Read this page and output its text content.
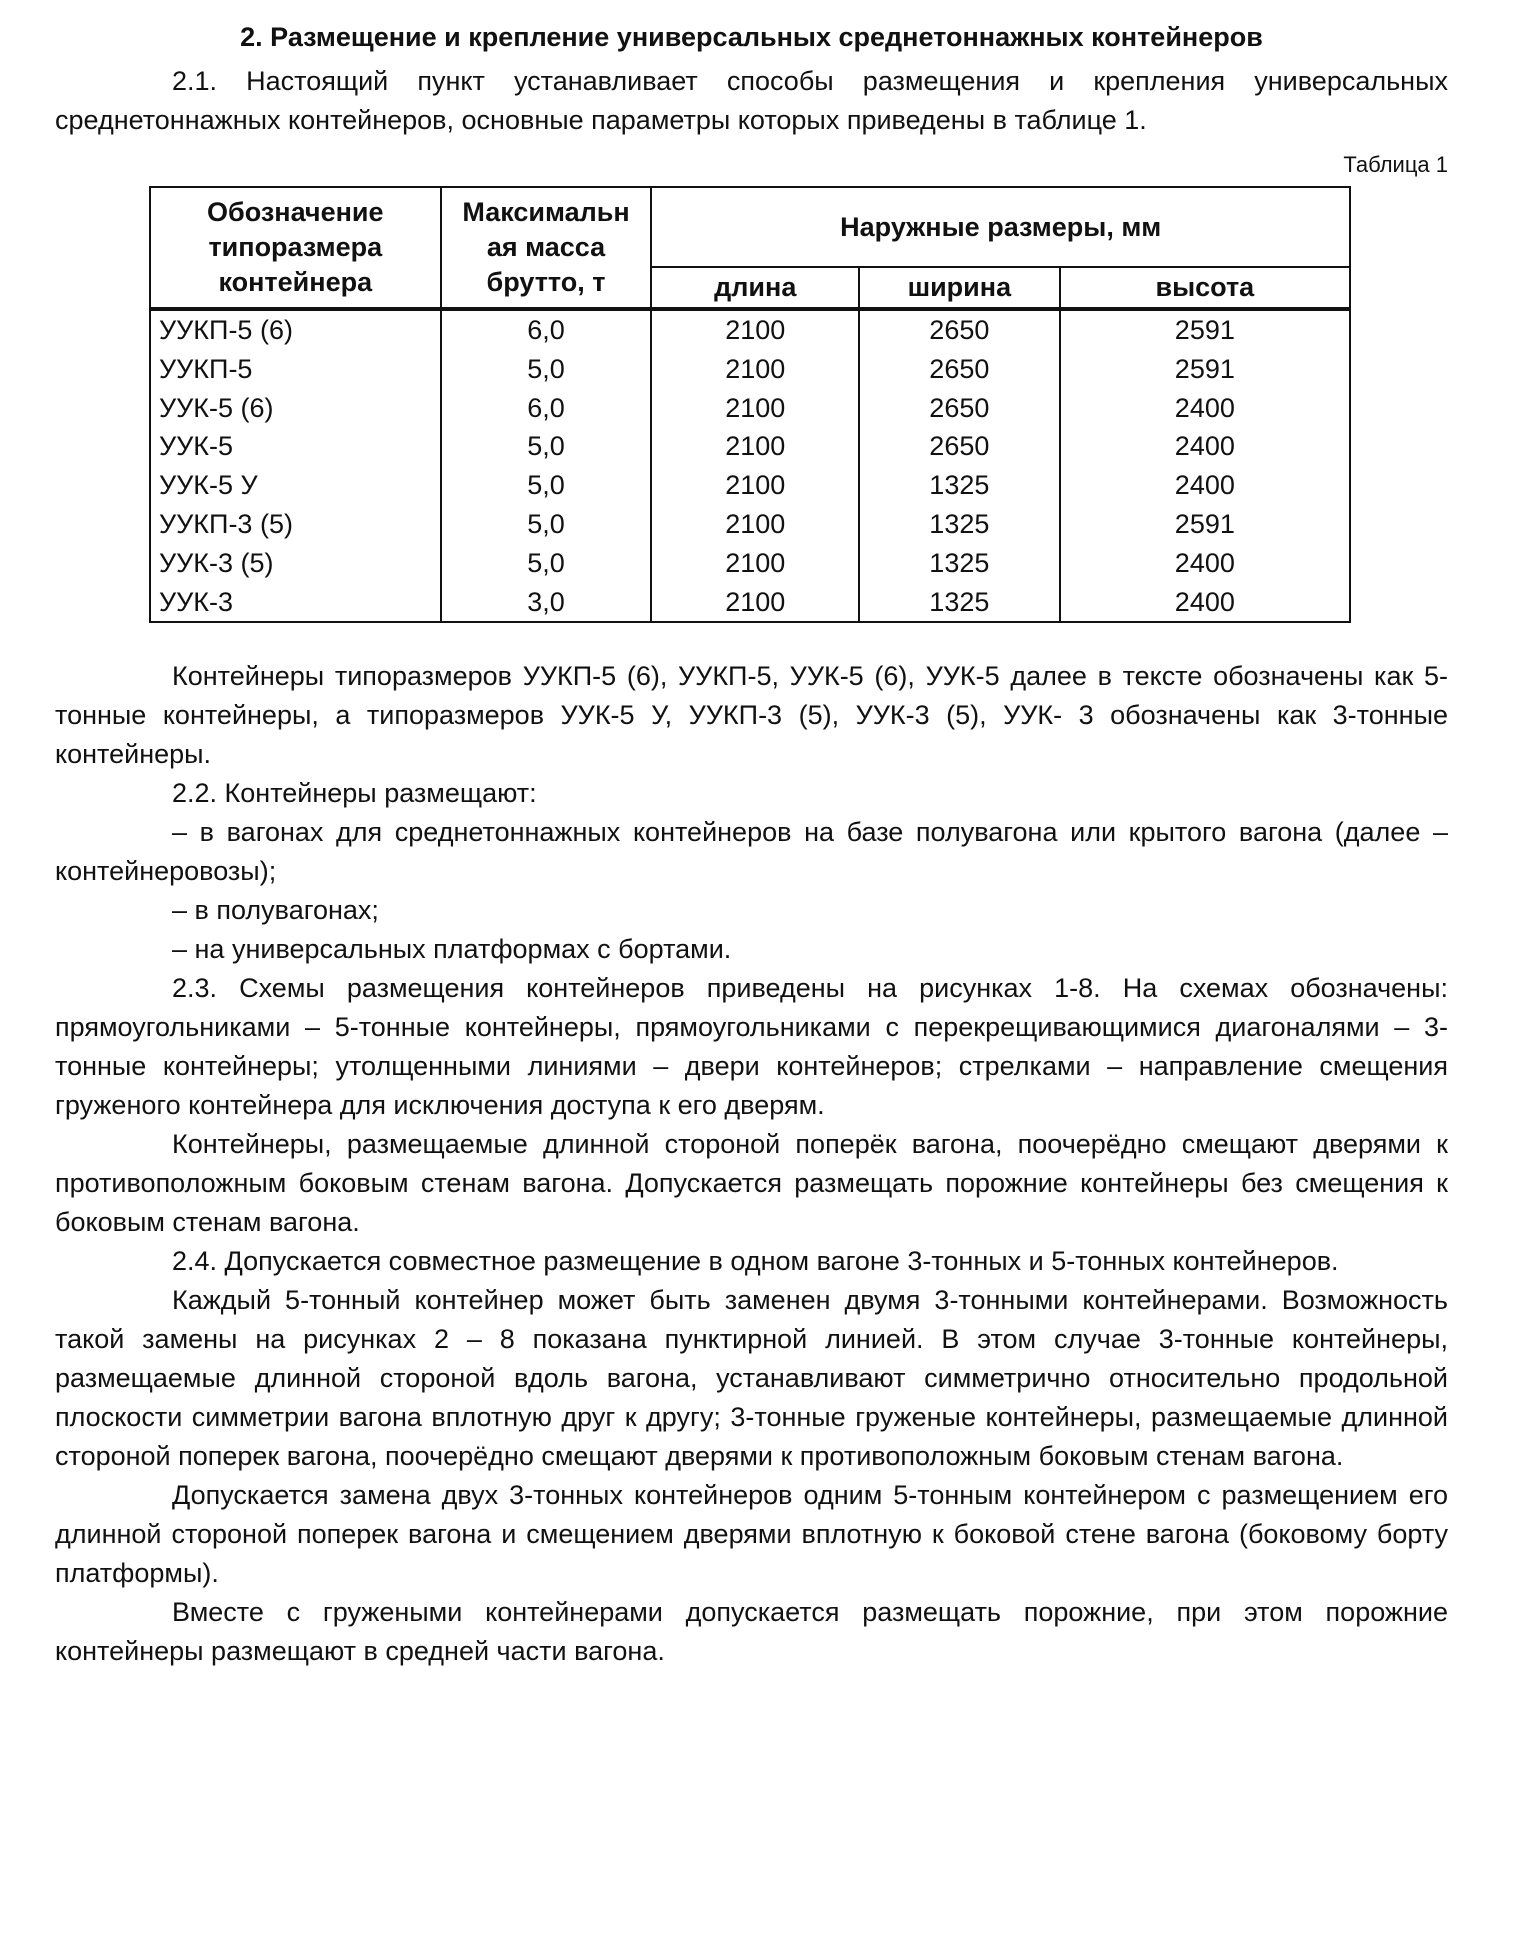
2. Размещение и крепление универсальных среднетоннажных контейнеров

2.1. Настоящий пункт устанавливает способы размещения и крепления универсальных среднетоннажных контейнеров, основные параметры которых приведены в таблице 1.

Таблица 1
Обозначение типоразмера контейнера	Максимальн ая масса брутто, т	Наружные размеры, мм		
		длина	ширина	высота
УУКП-5 (6)	6,0	2100	2650	2591
УУКП-5	5,0	2100	2650	2591
УУК-5 (6)	6,0	2100	2650	2400
УУК-5	5,0	2100	2650	2400
УУК-5 У	5,0	2100	1325	2400
УУКП-3 (5)	5,0	2100	1325	2591
УУК-3 (5)	5,0	2100	1325	2400
УУК-3	3,0	2100	1325	2400

Контейнеры типоразмеров УУКП-5 (6), УУКП-5, УУК-5 (6), УУК-5 далее в тексте обозначены как 5-тонные контейнеры, а типоразмеров УУК-5 У, УУКП-3 (5), УУК-3 (5), УУК- 3 обозначены как 3-тонные контейнеры.

2.2. Контейнеры размещают:

– в вагонах для среднетоннажных контейнеров на базе полувагона или крытого вагона (далее – контейнеровозы);

– в полувагонах;

– на универсальных платформах с бортами.

2.3. Схемы размещения контейнеров приведены на рисунках 1-8. На схемах обозначены: прямоугольниками – 5-тонные контейнеры, прямоугольниками с перекрещивающимися диагоналями – 3-тонные контейнеры; утолщенными линиями – двери контейнеров; стрелками – направление смещения груженого контейнера для исключения доступа к его дверям.

Контейнеры, размещаемые длинной стороной поперёк вагона, поочерёдно смещают дверями к противоположным боковым стенам вагона. Допускается размещать порожние контейнеры без смещения к боковым стенам вагона.

2.4. Допускается совместное размещение в одном вагоне 3-тонных и 5-тонных контейнеров.

Каждый 5-тонный контейнер может быть заменен двумя 3-тонными контейнерами. Возможность такой замены на рисунках 2 – 8 показана пунктирной линией. В этом случае 3-тонные контейнеры, размещаемые длинной стороной вдоль вагона, устанавливают симметрично относительно продольной плоскости симметрии вагона вплотную друг к другу; 3-тонные груженые контейнеры, размещаемые длинной стороной поперек вагона, поочерёдно смещают дверями к противоположным боковым стенам вагона.

Допускается замена двух 3-тонных контейнеров одним 5-тонным контейнером с размещением его длинной стороной поперек вагона и смещением дверями вплотную к боковой стене вагона (боковому борту платформы).

Вместе с гружеными контейнерами допускается размещать порожние, при этом порожние контейнеры размещают в средней части вагона.
